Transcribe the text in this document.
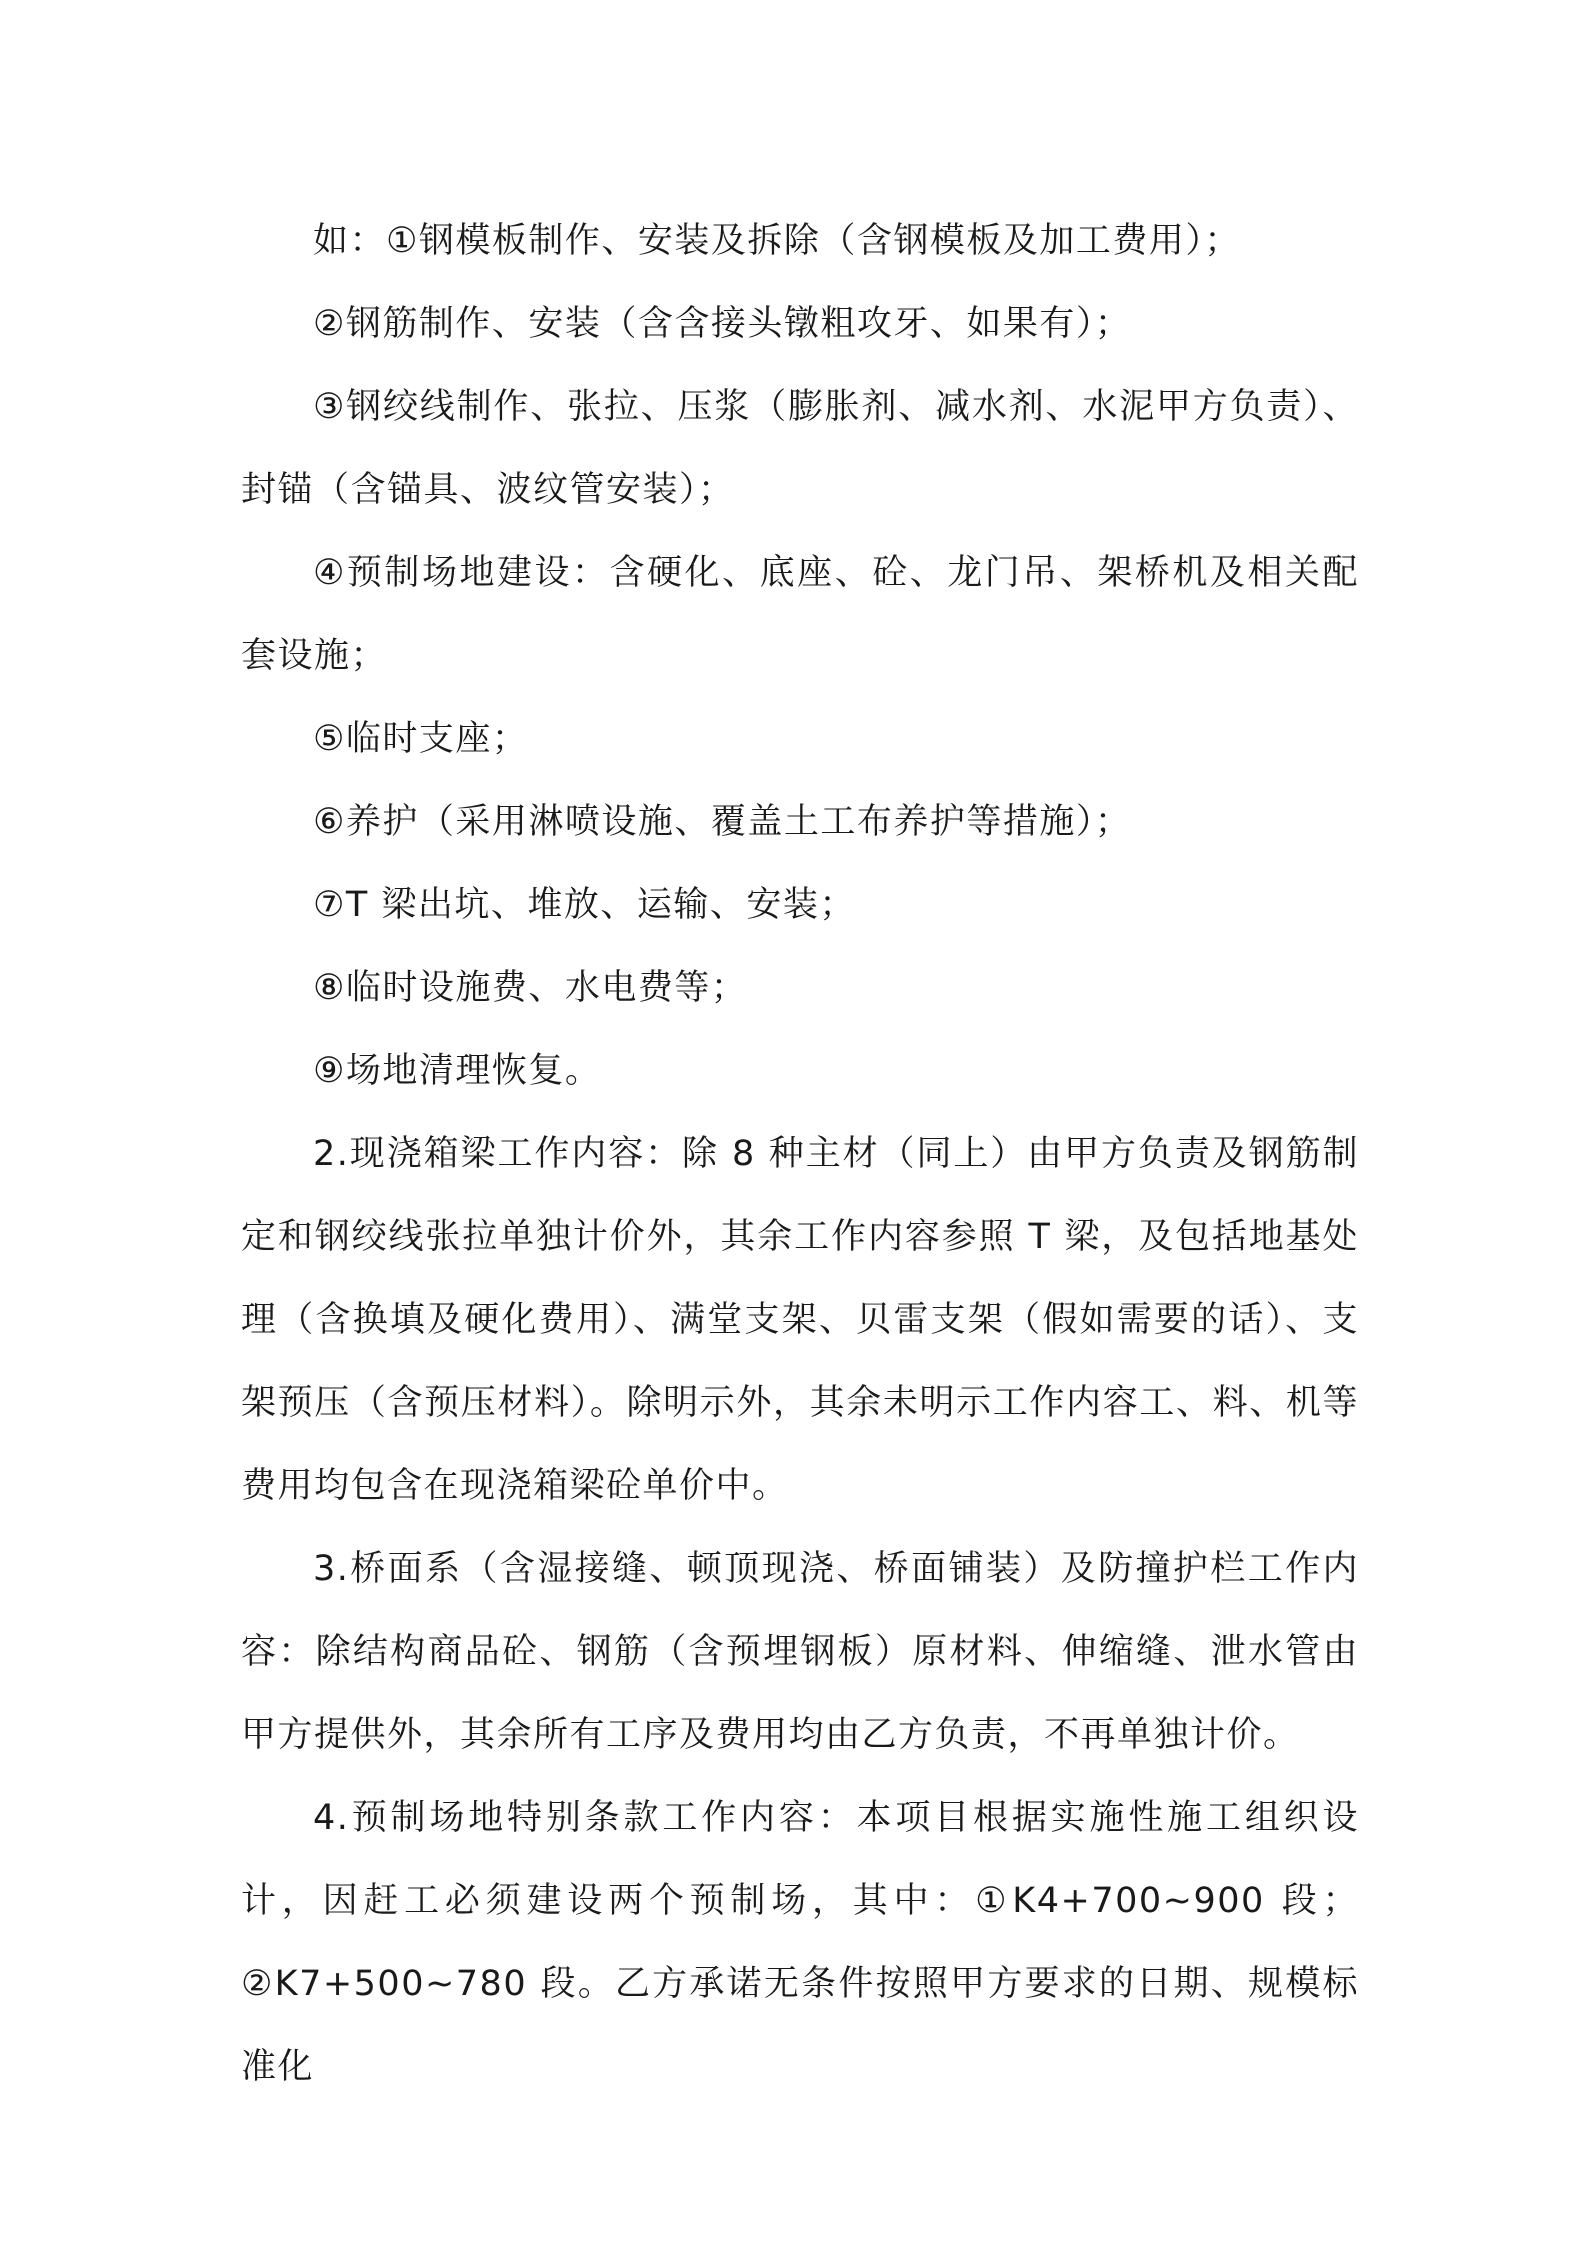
如：①钢模板制作、安装及拆除（含钢模板及加工费用）；

②钢筋制作、安装（含含接头镦粗攻牙、如果有）；

③钢绞线制作、张拉、压浆（膨胀剂、减水剂、水泥甲方负责）、封锚（含锚具、波纹管安装）；

④预制场地建设：含硬化、底座、砼、龙门吊、架桥机及相关配套设施；

⑤临时支座；

⑥养护（采用淋喷设施、覆盖土工布养护等措施）；

⑦T 梁出坑、堆放、运输、安装；

⑧临时设施费、水电费等；

⑨场地清理恢复。

2.现浇箱梁工作内容：除 8 种主材（同上）由甲方负责及钢筋制定和钢绞线张拉单独计价外，其余工作内容参照 T 梁，及包括地基处理（含换填及硬化费用）、满堂支架、贝雷支架（假如需要的话）、支架预压（含预压材料）。除明示外，其余未明示工作内容工、料、机等费用均包含在现浇箱梁砼单价中。

3.桥面系（含湿接缝、顿顶现浇、桥面铺装）及防撞护栏工作内容：除结构商品砼、钢筋（含预埋钢板）原材料、伸缩缝、泄水管由甲方提供外，其余所有工序及费用均由乙方负责，不再单独计价。

4.预制场地特别条款工作内容：本项目根据实施性施工组织设计，因赶工必须建设两个预制场，其中：①K4+700~900 段；②K7+500~780 段。乙方承诺无条件按照甲方要求的日期、规模标准化
